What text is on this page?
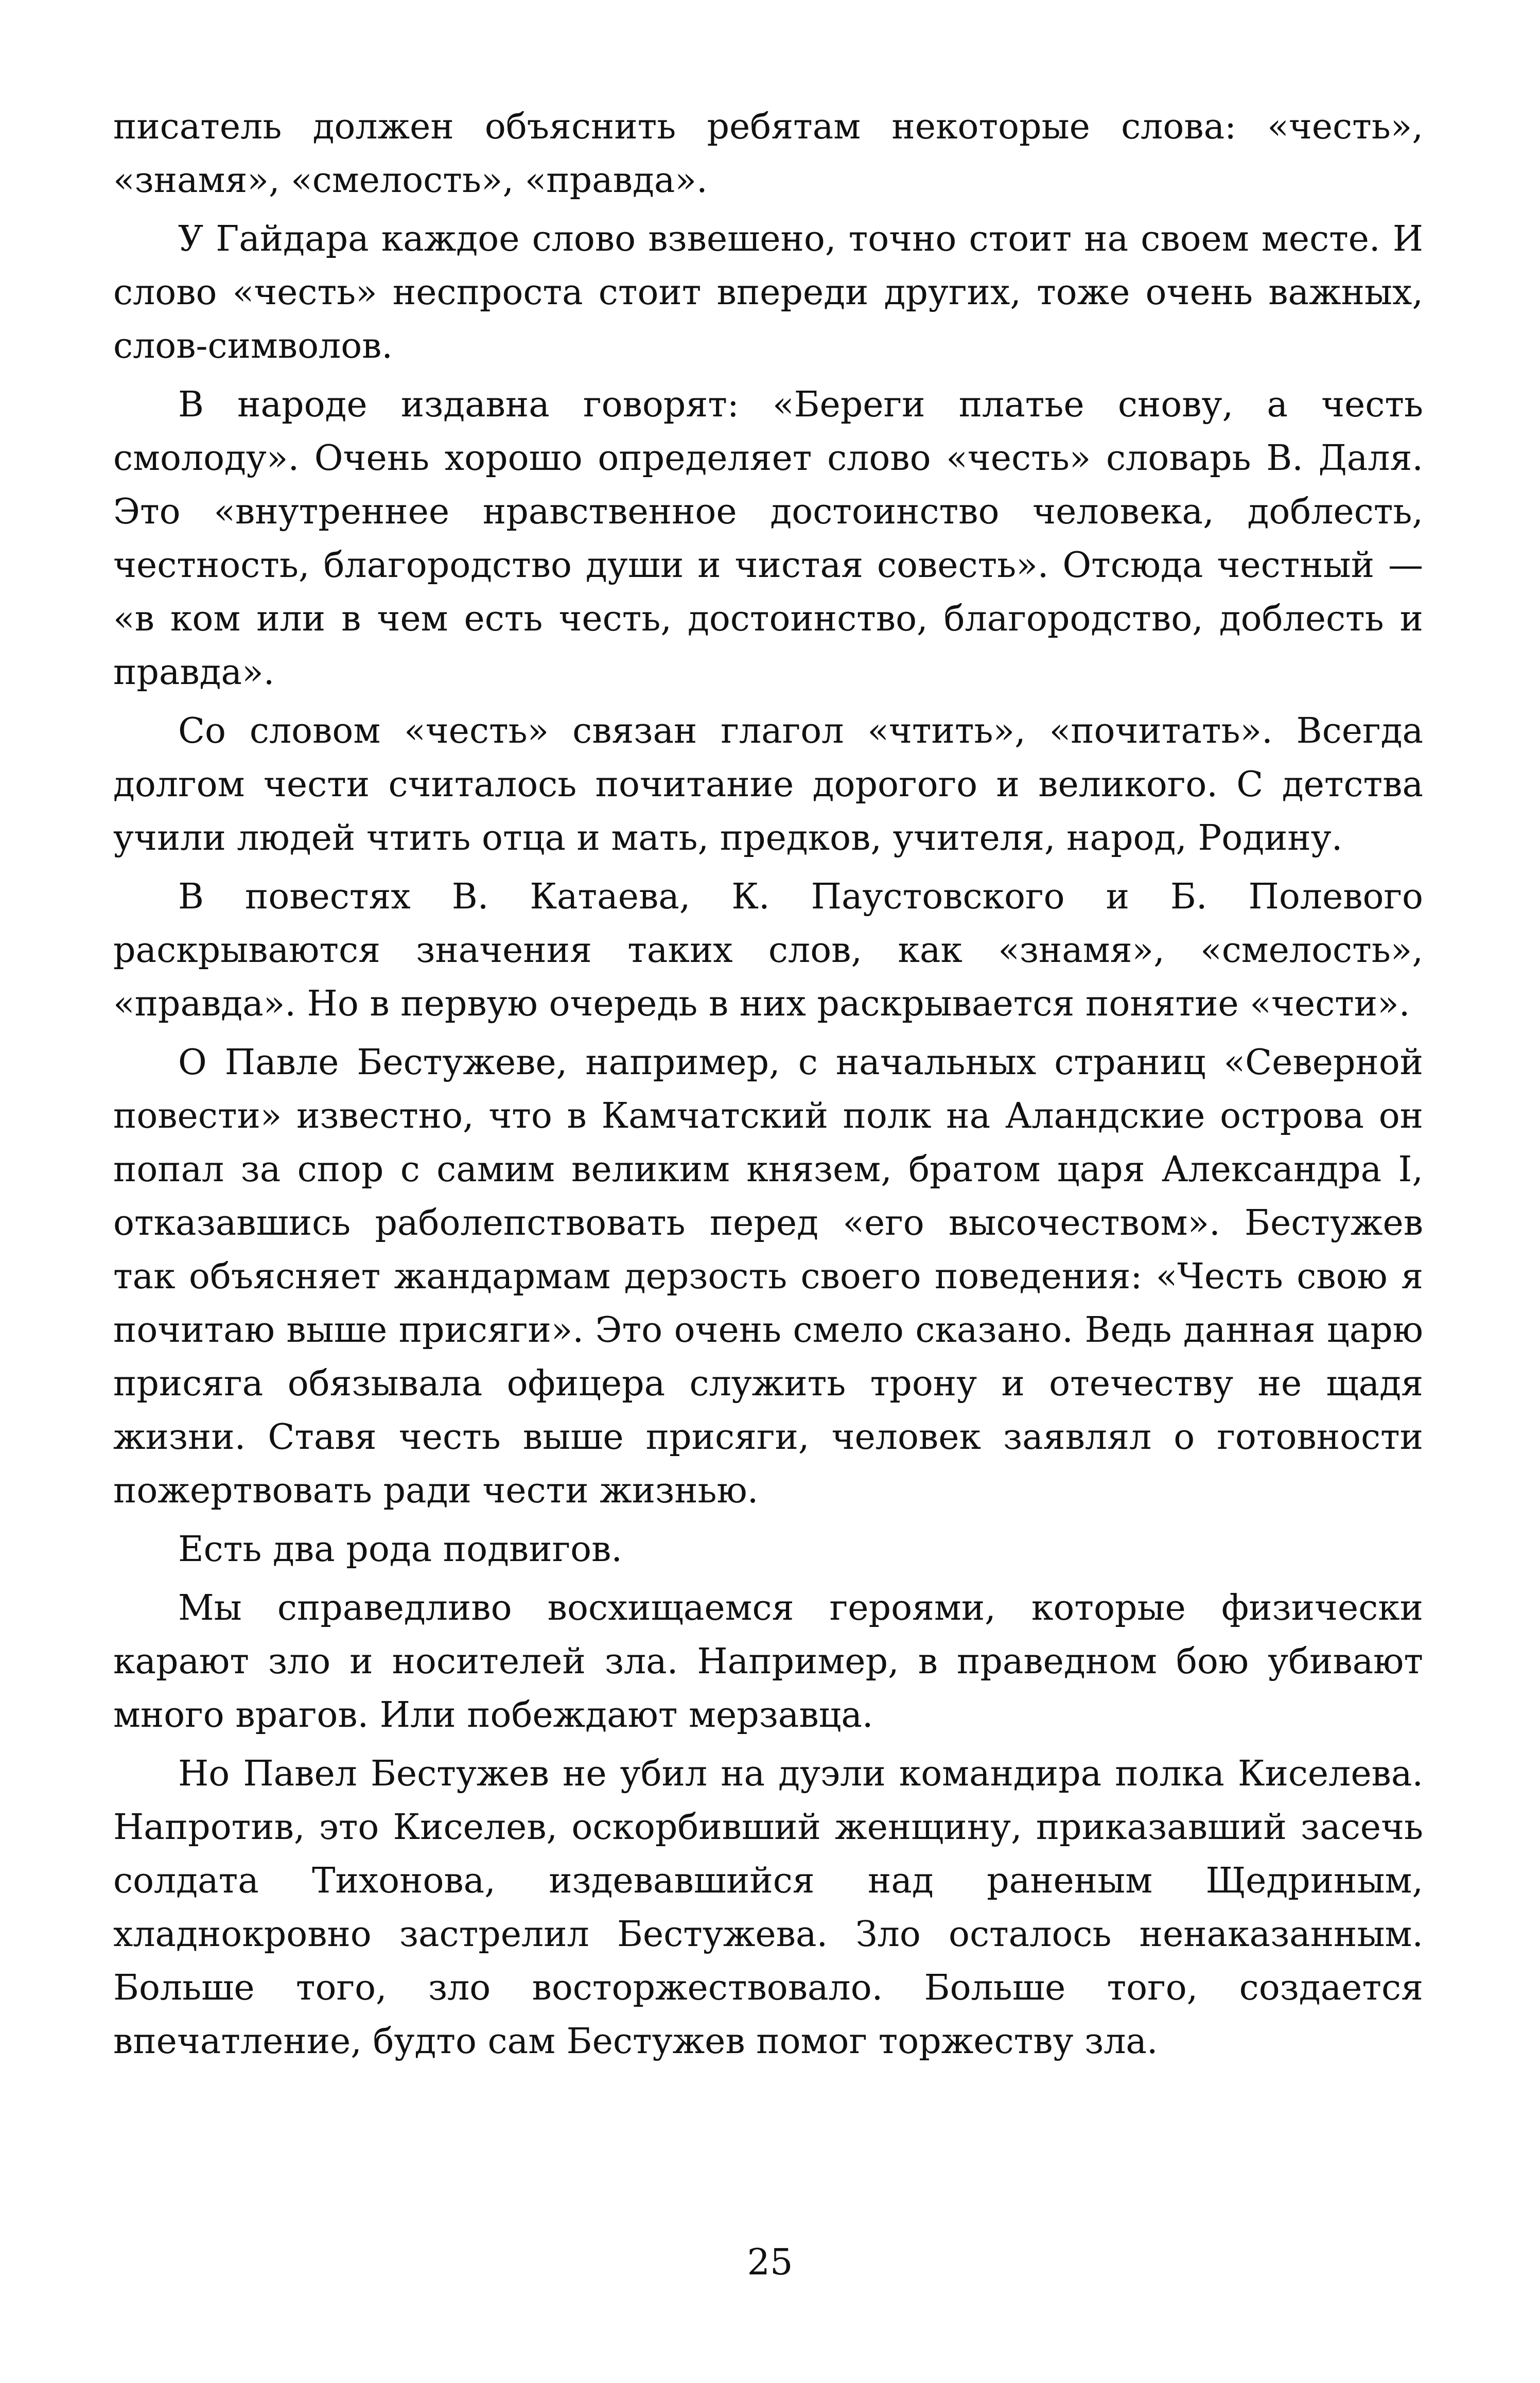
писатель должен объяснить ребятам некоторые слова: «честь», «знамя», «смелость», «правда».

У Гайдара каждое слово взвешено, точно стоит на своем месте. И слово «честь» неспроста стоит впереди других, тоже очень важных, слов-символов.

В народе издавна говорят: «Береги платье снову, а честь смолоду». Очень хорошо определяет слово «честь» словарь В. Даля. Это «внутреннее нравственное достоинство человека, доблесть, честность, благородство души и чистая совесть». Отсюда честный — «в ком или в чем есть честь, достоинство, благородство, доблесть и правда».

Со словом «честь» связан глагол «чтить», «почитать». Всегда долгом чести считалось почитание дорогого и великого. С детства учили людей чтить отца и мать, предков, учителя, народ, Родину.

В повестях В. Катаева, К. Паустовского и Б. Полевого раскрываются значения таких слов, как «знамя», «смелость», «правда». Но в первую очередь в них раскрывается понятие «чести».

О Павле Бестужеве, например, с начальных страниц «Северной повести» известно, что в Камчатский полк на Аландские острова он попал за спор с самим великим князем, братом царя Александра I, отказавшись раболепствовать перед «его высочеством». Бестужев так объясняет жандармам дерзость своего поведения: «Честь свою я почитаю выше присяги». Это очень смело сказано. Ведь данная царю присяга обязывала офицера служить трону и отечеству не щадя жизни. Ставя честь выше присяги, человек заявлял о готовности пожертвовать ради чести жизнью.

Есть два рода подвигов.

Мы справедливо восхищаемся героями, которые физически карают зло и носителей зла. Например, в праведном бою убивают много врагов. Или побеждают мерзавца.

Но Павел Бестужев не убил на дуэли командира полка Киселева. Напротив, это Киселев, оскорбивший женщину, приказавший засечь солдата Тихонова, издевавшийся над раненым Щедриным, хладнокровно застрелил Бестужева. Зло осталось ненаказанным. Больше того, зло восторжествовало. Больше того, создается впечатление, будто сам Бестужев помог торжеству зла.

25
